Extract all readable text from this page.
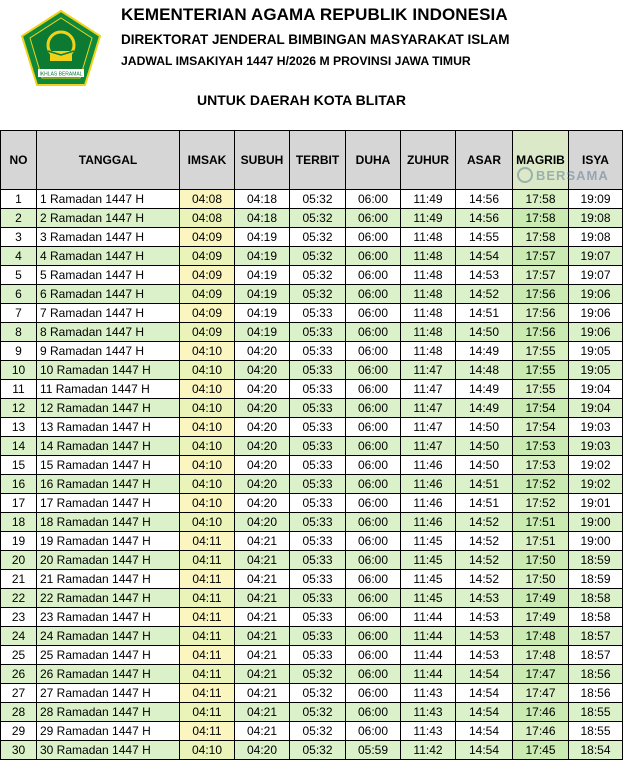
IKHLAS BERAMAL
KEMENTERIAN AGAMA REPUBLIK INDONESIA
DIREKTORAT JENDERAL BIMBINGAN MASYARAKAT ISLAM
JADWAL IMSAKIYAH 1447 H/2026 M PROVINSI JAWA TIMUR
UNTUK DAERAH KOTA BLITAR
NO	TANGGAL	IMSAK	SUBUH	TERBIT	DUHA	ZUHUR	ASAR	MAGRIB	ISYA
1	1 Ramadan 1447 H	04:08	04:18	05:32	06:00	11:49	14:56	17:58	19:09
2	2 Ramadan 1447 H	04:08	04:18	05:32	06:00	11:49	14:56	17:58	19:08
3	3 Ramadan 1447 H	04:09	04:19	05:32	06:00	11:48	14:55	17:58	19:08
4	4 Ramadan 1447 H	04:09	04:19	05:32	06:00	11:48	14:54	17:57	19:07
5	5 Ramadan 1447 H	04:09	04:19	05:32	06:00	11:48	14:53	17:57	19:07
6	6 Ramadan 1447 H	04:09	04:19	05:32	06:00	11:48	14:52	17:56	19:06
7	7 Ramadan 1447 H	04:09	04:19	05:33	06:00	11:48	14:51	17:56	19:06
8	8 Ramadan 1447 H	04:09	04:19	05:33	06:00	11:48	14:50	17:56	19:06
9	9 Ramadan 1447 H	04:10	04:20	05:33	06:00	11:48	14:49	17:55	19:05
10	10 Ramadan 1447 H	04:10	04:20	05:33	06:00	11:47	14:48	17:55	19:05
11	11 Ramadan 1447 H	04:10	04:20	05:33	06:00	11:47	14:49	17:55	19:04
12	12 Ramadan 1447 H	04:10	04:20	05:33	06:00	11:47	14:49	17:54	19:04
13	13 Ramadan 1447 H	04:10	04:20	05:33	06:00	11:47	14:50	17:54	19:03
14	14 Ramadan 1447 H	04:10	04:20	05:33	06:00	11:47	14:50	17:53	19:03
15	15 Ramadan 1447 H	04:10	04:20	05:33	06:00	11:46	14:50	17:53	19:02
16	16 Ramadan 1447 H	04:10	04:20	05:33	06:00	11:46	14:51	17:52	19:02
17	17 Ramadan 1447 H	04:10	04:20	05:33	06:00	11:46	14:51	17:52	19:01
18	18 Ramadan 1447 H	04:10	04:20	05:33	06:00	11:46	14:52	17:51	19:00
19	19 Ramadan 1447 H	04:11	04:21	05:33	06:00	11:45	14:52	17:51	19:00
20	20 Ramadan 1447 H	04:11	04:21	05:33	06:00	11:45	14:52	17:50	18:59
21	21 Ramadan 1447 H	04:11	04:21	05:33	06:00	11:45	14:52	17:50	18:59
22	22 Ramadan 1447 H	04:11	04:21	05:33	06:00	11:45	14:53	17:49	18:58
23	23 Ramadan 1447 H	04:11	04:21	05:33	06:00	11:44	14:53	17:49	18:58
24	24 Ramadan 1447 H	04:11	04:21	05:33	06:00	11:44	14:53	17:48	18:57
25	25 Ramadan 1447 H	04:11	04:21	05:33	06:00	11:44	14:53	17:48	18:57
26	26 Ramadan 1447 H	04:11	04:21	05:32	06:00	11:44	14:54	17:47	18:56
27	27 Ramadan 1447 H	04:11	04:21	05:32	06:00	11:43	14:54	17:47	18:56
28	28 Ramadan 1447 H	04:11	04:21	05:32	06:00	11:43	14:54	17:46	18:55
29	29 Ramadan 1447 H	04:11	04:21	05:32	06:00	11:43	14:54	17:46	18:55
30	30 Ramadan 1447 H	04:10	04:20	05:32	05:59	11:42	14:54	17:45	18:54
BERSAMA
